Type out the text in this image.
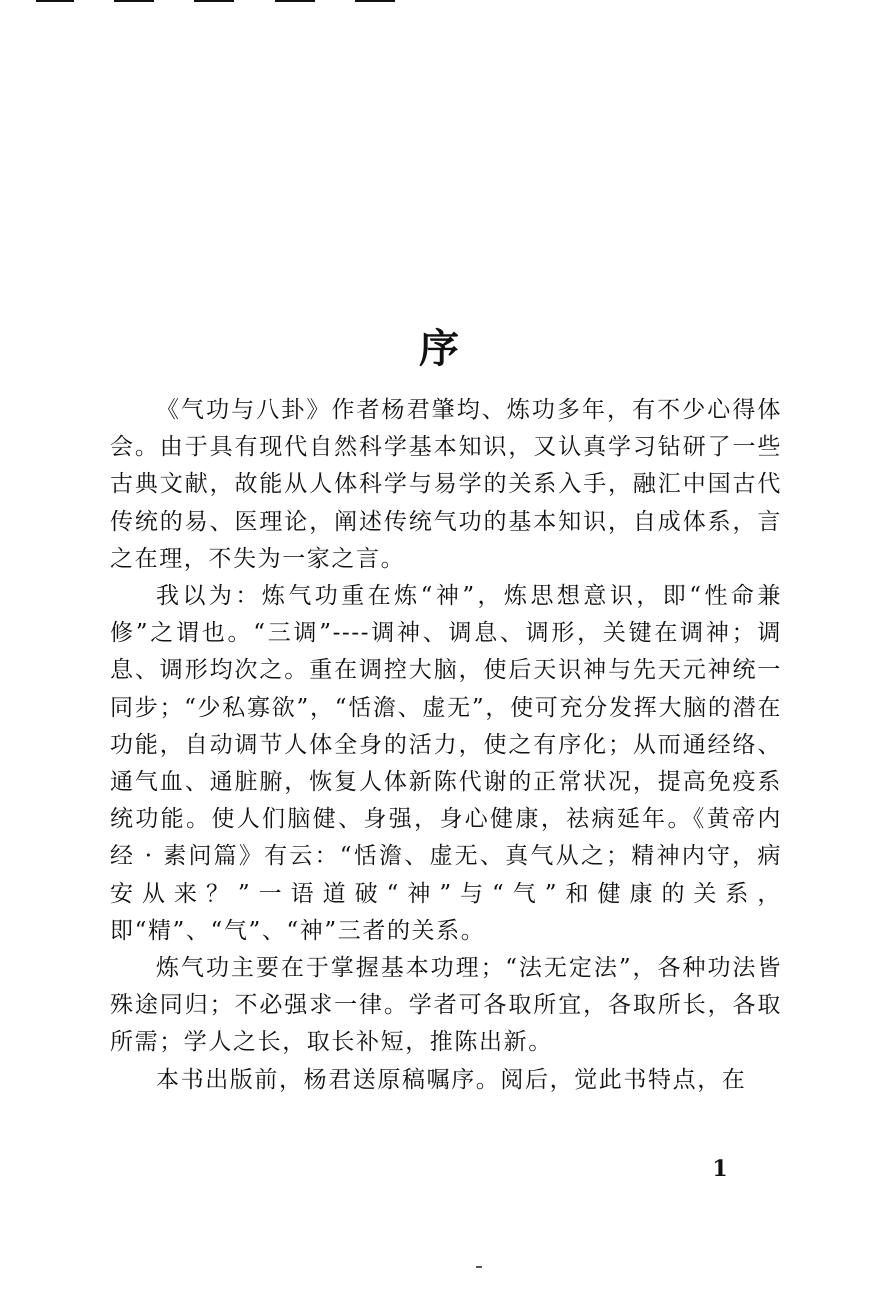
序

《气功与八卦》作者杨君肇均、炼功多年，有不少心得体会。由于具有现代自然科学基本知识，又认真学习钻研了一些古典文献，故能从人体科学与易学的关系入手，融汇中国古代传统的易、医理论，阐述传统气功的基本知识，自成体系，言之在理，不失为一家之言。

我以为：炼气功重在炼“神”，炼思想意识，即“性命兼修”之谓也。“三调”----调神、调息、调形，关键在调神；调息、调形均次之。重在调控大脑，使后天识神与先天元神统一同步；“少私寡欲”，“恬澹、虚无”，使可充分发挥大脑的潜在功能，自动调节人体全身的活力，使之有序化；从而通经络、通气血、通脏腑，恢复人体新陈代谢的正常状况，提高免疫系统功能。使人们脑健、身强，身心健康，祛病延年。《黄帝内经 · 素问篇》有云：“恬澹、虚无、真气从之；精神内守，病安从来？”一语道破“神”与“气”和健康的关系，即“精”、“气”、“神”三者的关系。

炼气功主要在于掌握基本功理；“法无定法”，各种功法皆殊途同归；不必强求一律。学者可各取所宜，各取所长，各取所需；学人之长，取长补短，推陈出新。

本书出版前，杨君送原稿嘱序。阅后，觉此书特点，在

1
